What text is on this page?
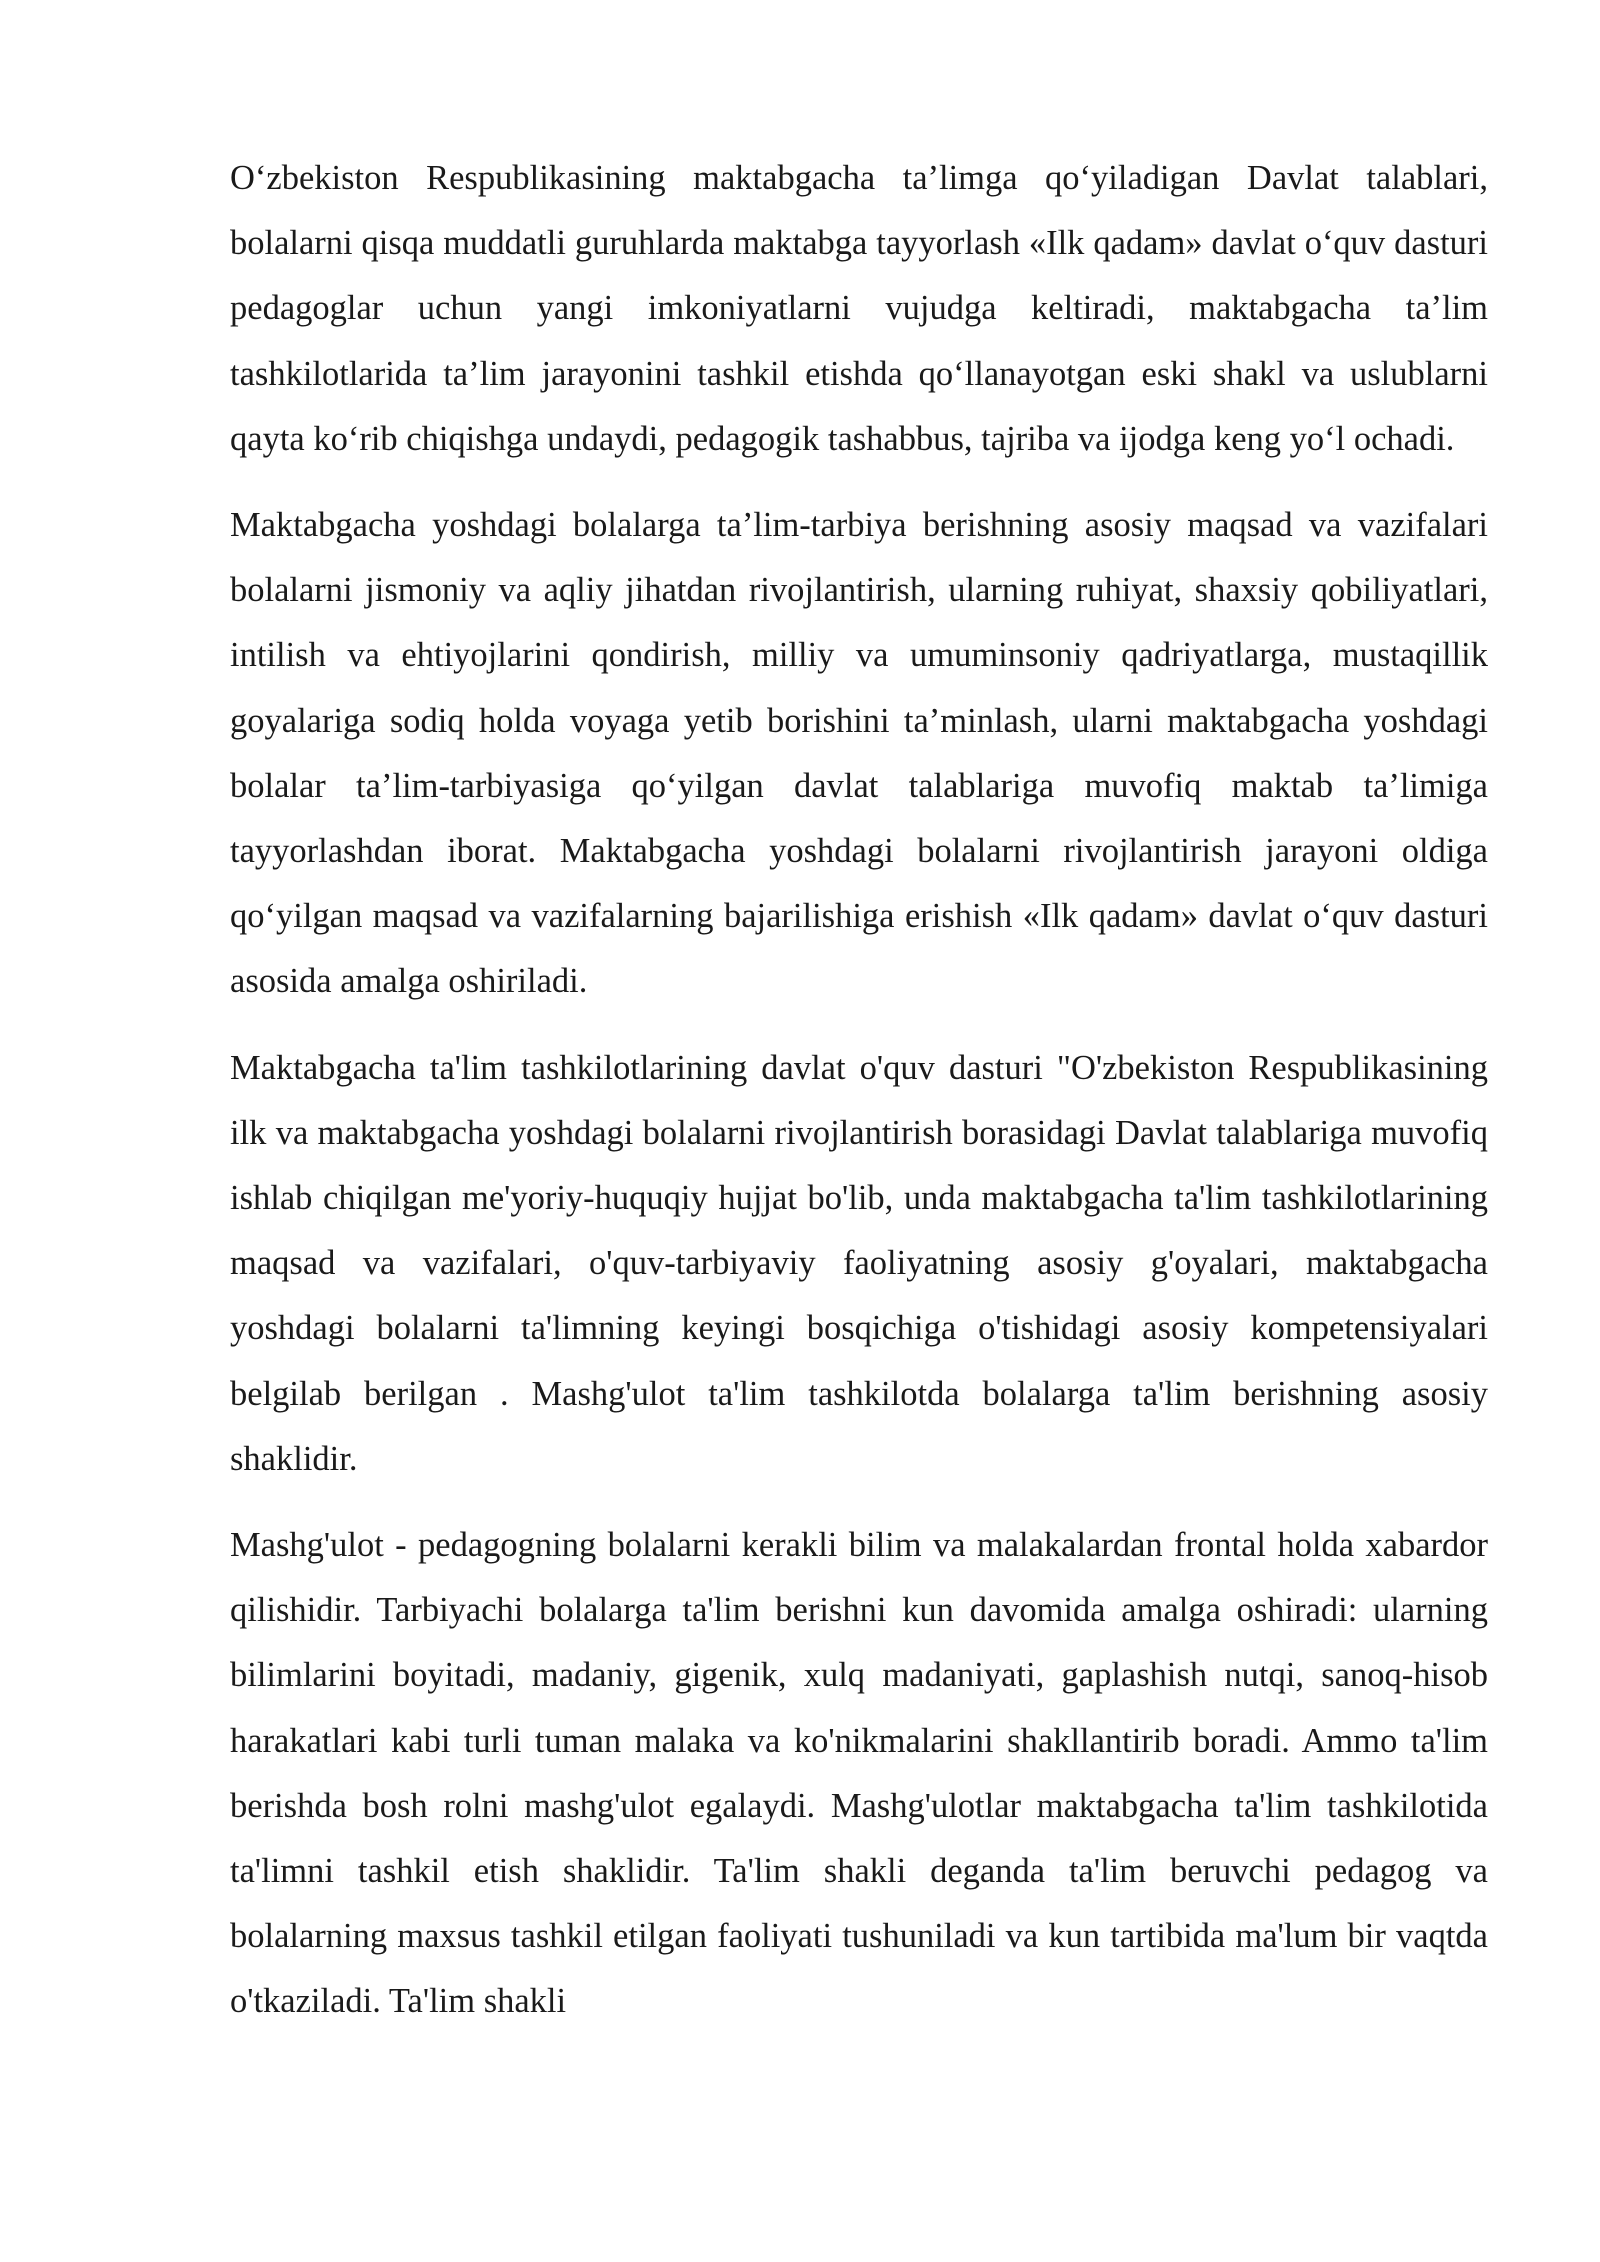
O‘zbekiston Respublikasining maktabgacha ta’limga qo‘yiladigan Davlat talablari, bolalarni qisqa muddatli guruhlarda maktabga tayyorlash «Ilk qadam» davlat o‘quv dasturi pedagoglar uchun yangi imkoniyatlarni vujudga keltiradi, maktabgacha ta’lim tashkilotlarida ta’lim jarayonini tashkil etishda qo‘llanayotgan eski shakl va uslublarni qayta ko‘rib chiqishga undaydi, pedagogik tashabbus, tajriba va ijodga keng yo‘l ochadi.

Maktabgacha yoshdagi bolalarga ta’lim-tarbiya berishning asosiy maqsad va vazifalari bolalarni jismoniy va aqliy jihatdan rivojlantirish, ularning ruhiyat, shaxsiy qobiliyatlari, intilish va ehtiyojlarini qondirish, milliy va umuminsoniy qadriyatlarga, mustaqillik goyalariga sodiq holda voyaga yetib borishini ta’minlash, ularni maktabgacha yoshdagi bolalar ta’lim-tarbiyasiga qo‘yilgan davlat talablariga muvofiq maktab ta’limiga tayyorlashdan iborat. Maktabgacha yoshdagi bolalarni rivojlantirish jarayoni oldiga qo‘yilgan maqsad va vazifalarning bajarilishiga erishish «Ilk qadam» davlat o‘quv dasturi asosida amalga oshiriladi.

Maktabgacha ta'lim tashkilotlarining davlat o'quv dasturi "O'zbekiston Respublikasining ilk va maktabgacha yoshdagi bolalarni rivojlantirish borasidagi Davlat talablariga muvofiq ishlab chiqilgan me'yoriy-huquqiy hujjat bo'lib, unda maktabgacha ta'lim tashkilotlarining maqsad va vazifalari, o'quv-tarbiyaviy faoliyatning asosiy g'oyalari, maktabgacha yoshdagi bolalarni ta'limning keyingi bosqichiga o'tishidagi asosiy kompetensiyalari belgilab berilgan . Mashg'ulot ta'lim tashkilotda bolalarga ta'lim berishning asosiy shaklidir.

Mashg'ulot - pedagogning bolalarni kerakli bilim va malakalardan frontal holda xabardor qilishidir. Tarbiyachi bolalarga ta'lim berishni kun davomida amalga oshiradi: ularning bilimlarini boyitadi, madaniy, gigenik, xulq madaniyati, gaplashish nutqi, sanoq-hisob harakatlari kabi turli tuman malaka va ko'nikmalarini shakllantirib boradi. Ammo ta'lim berishda bosh rolni mashg'ulot egalaydi. Mashg'ulotlar maktabgacha ta'lim tashkilotida ta'limni tashkil etish shaklidir. Ta'lim shakli deganda ta'lim beruvchi pedagog va bolalarning maxsus tashkil etilgan faoliyati tushuniladi va kun tartibida ma'lum bir vaqtda o'tkaziladi. Ta'lim shakli
